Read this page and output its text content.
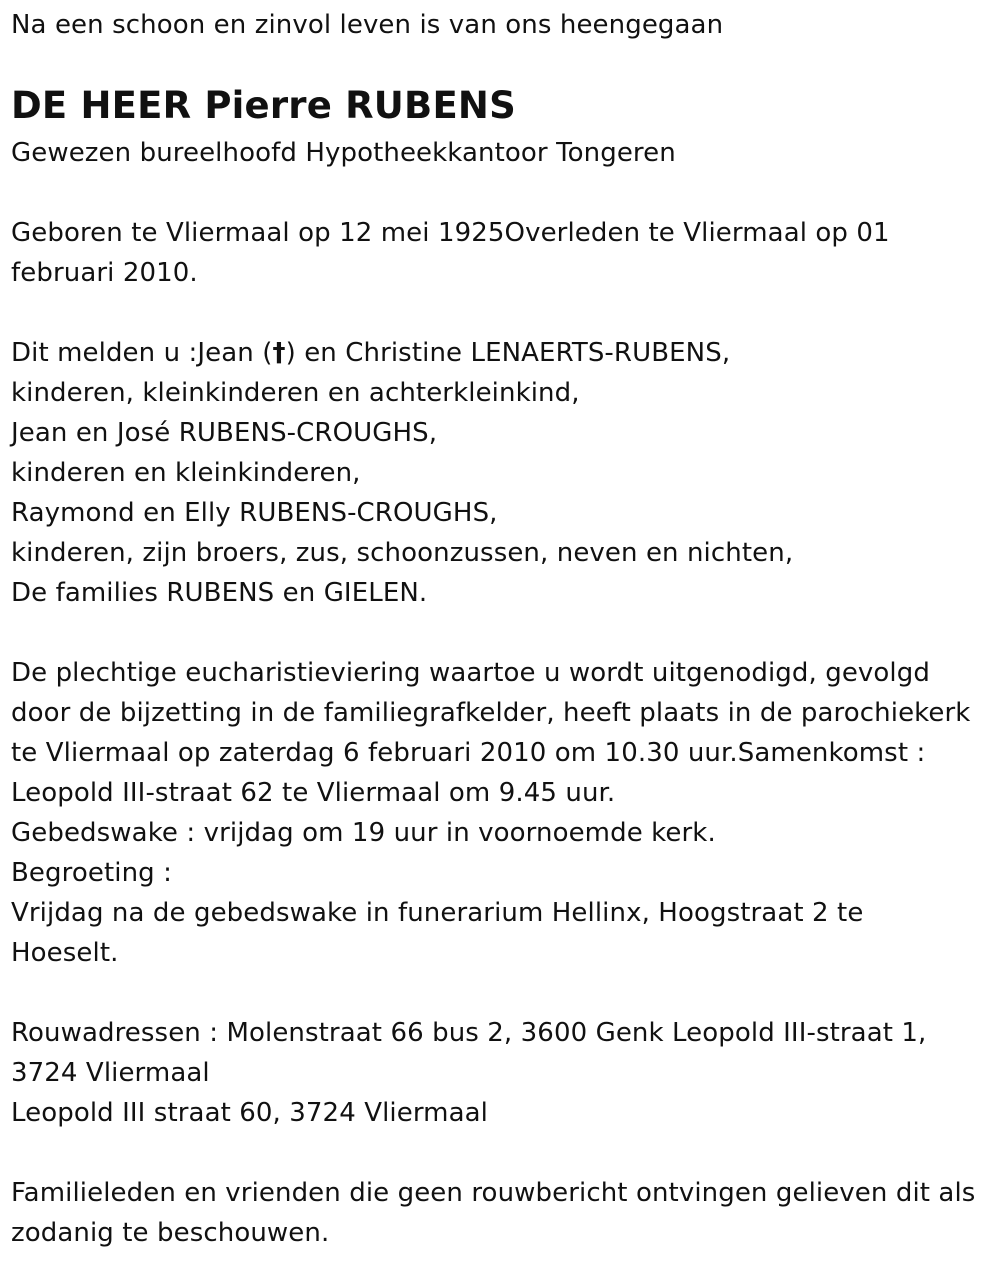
Na een schoon en zinvol leven is van ons heengegaan
DE HEER Pierre RUBENS
Gewezen bureelhoofd Hypotheekkantoor Tongeren
Geboren te Vliermaal op 12 mei 1925Overleden te Vliermaal op 01
februari 2010.
Dit melden u :Jean (†) en Christine LENAERTS-RUBENS,
kinderen, kleinkinderen en achterkleinkind,
Jean en José RUBENS-CROUGHS,
kinderen en kleinkinderen,
Raymond en Elly RUBENS-CROUGHS,
kinderen, zijn broers, zus, schoonzussen, neven en nichten,
De families RUBENS en GIELEN.
De plechtige eucharistieviering waartoe u wordt uitgenodigd, gevolgd
door de bijzetting in de familiegrafkelder, heeft plaats in de parochiekerk
te Vliermaal op zaterdag 6 februari 2010 om 10.30 uur.Samenkomst :
Leopold III-straat 62 te Vliermaal om 9.45 uur.
Gebedswake : vrijdag om 19 uur in voornoemde kerk.
Begroeting :
Vrijdag na de gebedswake in funerarium Hellinx, Hoogstraat 2 te
Hoeselt.
Rouwadressen : Molenstraat 66 bus 2, 3600 Genk Leopold III-straat 1,
3724 Vliermaal
Leopold III straat 60, 3724 Vliermaal
Familieleden en vrienden die geen rouwbericht ontvingen gelieven dit als
zodanig te beschouwen.
